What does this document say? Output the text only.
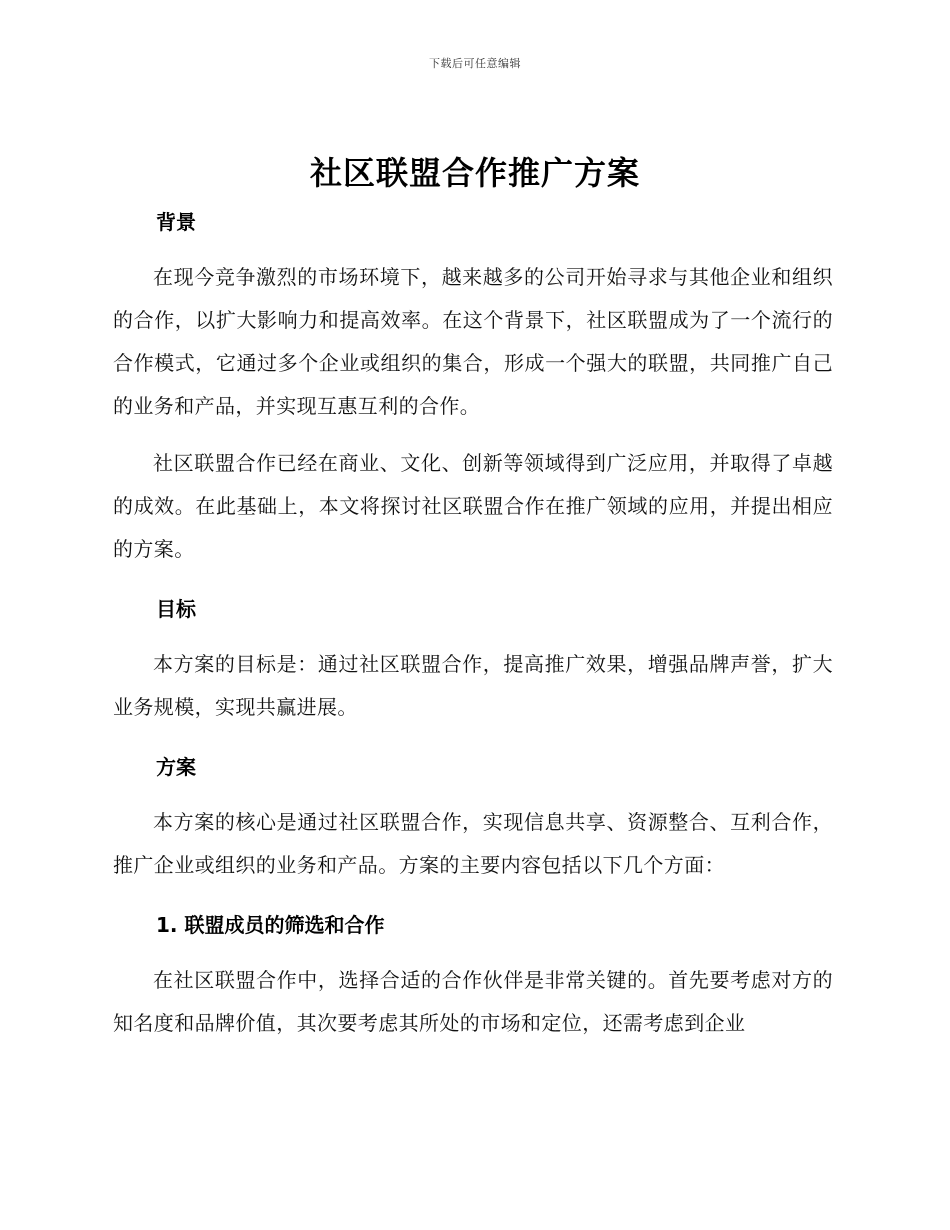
下载后可任意编辑
社区联盟合作推广方案
背景

在现今竞争激烈的市场环境下，越来越多的公司开始寻求与其他企业和组织的合作，以扩大影响力和提高效率。在这个背景下，社区联盟成为了一个流行的合作模式，它通过多个企业或组织的集合，形成一个强大的联盟，共同推广自己的业务和产品，并实现互惠互利的合作。

社区联盟合作已经在商业、文化、创新等领域得到广泛应用，并取得了卓越的成效。在此基础上，本文将探讨社区联盟合作在推广领域的应用，并提出相应的方案。

目标

本方案的目标是：通过社区联盟合作，提高推广效果，增强品牌声誉，扩大业务规模，实现共赢进展。

方案

本方案的核心是通过社区联盟合作，实现信息共享、资源整合、互利合作，推广企业或组织的业务和产品。方案的主要内容包括以下几个方面：

1. 联盟成员的筛选和合作

在社区联盟合作中，选择合适的合作伙伴是非常关键的。首先要考虑对方的知名度和品牌价值，其次要考虑其所处的市场和定位，还需考虑到企业
